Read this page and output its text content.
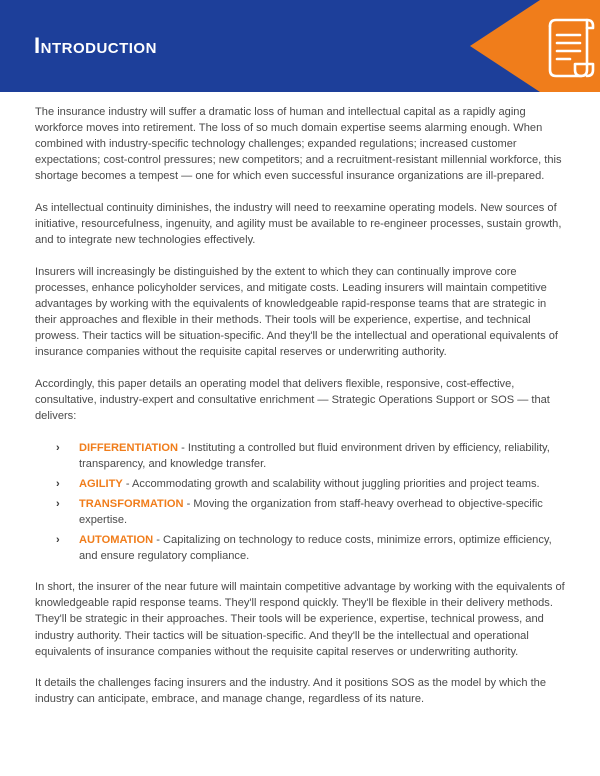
Introduction

The insurance industry will suffer a dramatic loss of human and intellectual capital as a rapidly aging workforce moves into retirement. The loss of so much domain expertise seems alarming enough. When combined with industry-specific technology challenges; expanded regulations; increased customer expectations; cost-control pressures; new competitors; and a recruitment-resistant millennial workforce, this shortage becomes a tempest — one for which even successful insurance organizations are ill-prepared.

As intellectual continuity diminishes, the industry will need to reexamine operating models. New sources of initiative, resourcefulness, ingenuity, and agility must be available to re-engineer processes, sustain growth, and to integrate new technologies effectively.

Insurers will increasingly be distinguished by the extent to which they can continually improve core processes, enhance policyholder services, and mitigate costs. Leading insurers will maintain competitive advantages by working with the equivalents of knowledgeable rapid-response teams that are strategic in their approaches and flexible in their methods. Their tools will be experience, expertise, and technical prowess. Their tactics will be situation-specific. And they'll be the intellectual and operational equivalents of insurance companies without the requisite capital reserves or underwriting authority.

Accordingly, this paper details an operating model that delivers flexible, responsive, cost-effective, consultative, industry-expert and consultative enrichment — Strategic Operations Support or SOS — that delivers:

› DIFFERENTIATION - Instituting a controlled but fluid environment driven by efficiency, reliability, transparency, and knowledge transfer.
› AGILITY - Accommodating growth and scalability without juggling priorities and project teams.
› TRANSFORMATION - Moving the organization from staff-heavy overhead to objective-specific expertise.
› AUTOMATION - Capitalizing on technology to reduce costs, minimize errors, optimize efficiency, and ensure regulatory compliance.

In short, the insurer of the near future will maintain competitive advantage by working with the equivalents of knowledgeable rapid response teams. They'll respond quickly. They'll be flexible in their delivery methods. They'll be strategic in their approaches. Their tools will be experience, expertise, technical prowess, and industry authority. Their tactics will be situation-specific. And they'll be the intellectual and operational equivalents of insurance companies without the requisite capital reserves or underwriting authority.

It details the challenges facing insurers and the industry. And it positions SOS as the model by which the industry can anticipate, embrace, and manage change, regardless of its nature.
